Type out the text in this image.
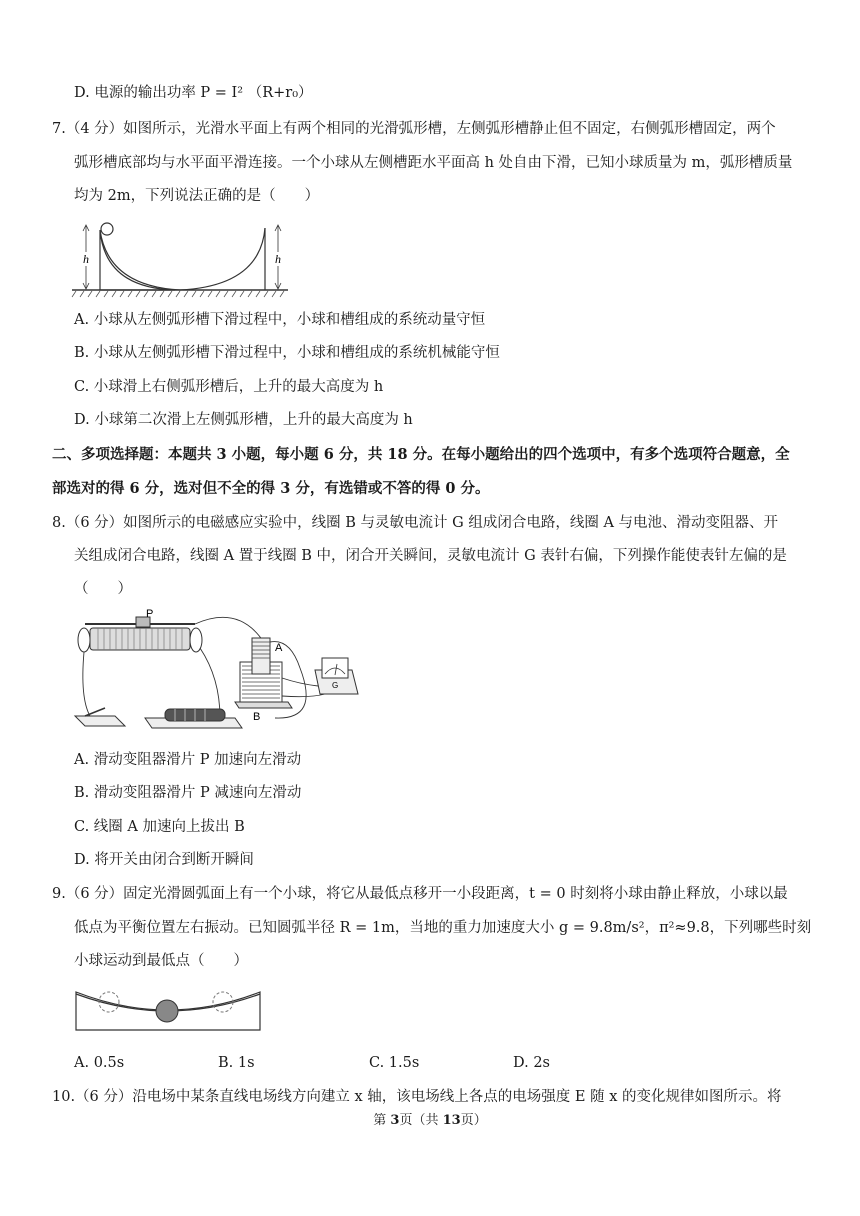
D. 电源的输出功率 P = I² （R+r₀）
7.（4 分）如图所示，光滑水平面上有两个相同的光滑弧形槽，左侧弧形槽静止但不固定，右侧弧形槽固定，两个
弧形槽底部均与水平面平滑连接。一个小球从左侧槽距水平面高 h 处自由下滑，已知小球质量为 m，弧形槽质量
均为 2m，下列说法正确的是（　　）
h	h
A. 小球从左侧弧形槽下滑过程中，小球和槽组成的系统动量守恒
B. 小球从左侧弧形槽下滑过程中，小球和槽组成的系统机械能守恒
C. 小球滑上右侧弧形槽后，上升的最大高度为 h
D. 小球第二次滑上左侧弧形槽，上升的最大高度为 h
二、多项选择题：本题共 3 小题，每小题 6 分，共 18 分。在每小题给出的四个选项中，有多个选项符合题意，全
部选对的得 6 分，选对但不全的得 3 分，有选错或不答的得 0 分。
8.（6 分）如图所示的电磁感应实验中，线圈 B 与灵敏电流计 G 组成闭合电路，线圈 A 与电池、滑动变阻器、开
关组成闭合电路，线圈 A 置于线圈 B 中，闭合开关瞬间，灵敏电流计 G 表针右偏，下列操作能使表针左偏的是
（　　）
P
A
B
G
A. 滑动变阻器滑片 P 加速向左滑动
B. 滑动变阻器滑片 P 减速向左滑动
C. 线圈 A 加速向上拔出 B
D. 将开关由闭合到断开瞬间
9.（6 分）固定光滑圆弧面上有一个小球，将它从最低点移开一小段距离，t = 0 时刻将小球由静止释放，小球以最
低点为平衡位置左右振动。已知圆弧半径 R = 1m，当地的重力加速度大小 g = 9.8m/s²，π²≈9.8，下列哪些时刻
小球运动到最低点（　　）
A. 0.5s	B. 1s	C. 1.5s	D. 2s
10.（6 分）沿电场中某条直线电场线方向建立 x 轴，该电场线上各点的电场强度 E 随 x 的变化规律如图所示。将
第 3页（共 13页）
